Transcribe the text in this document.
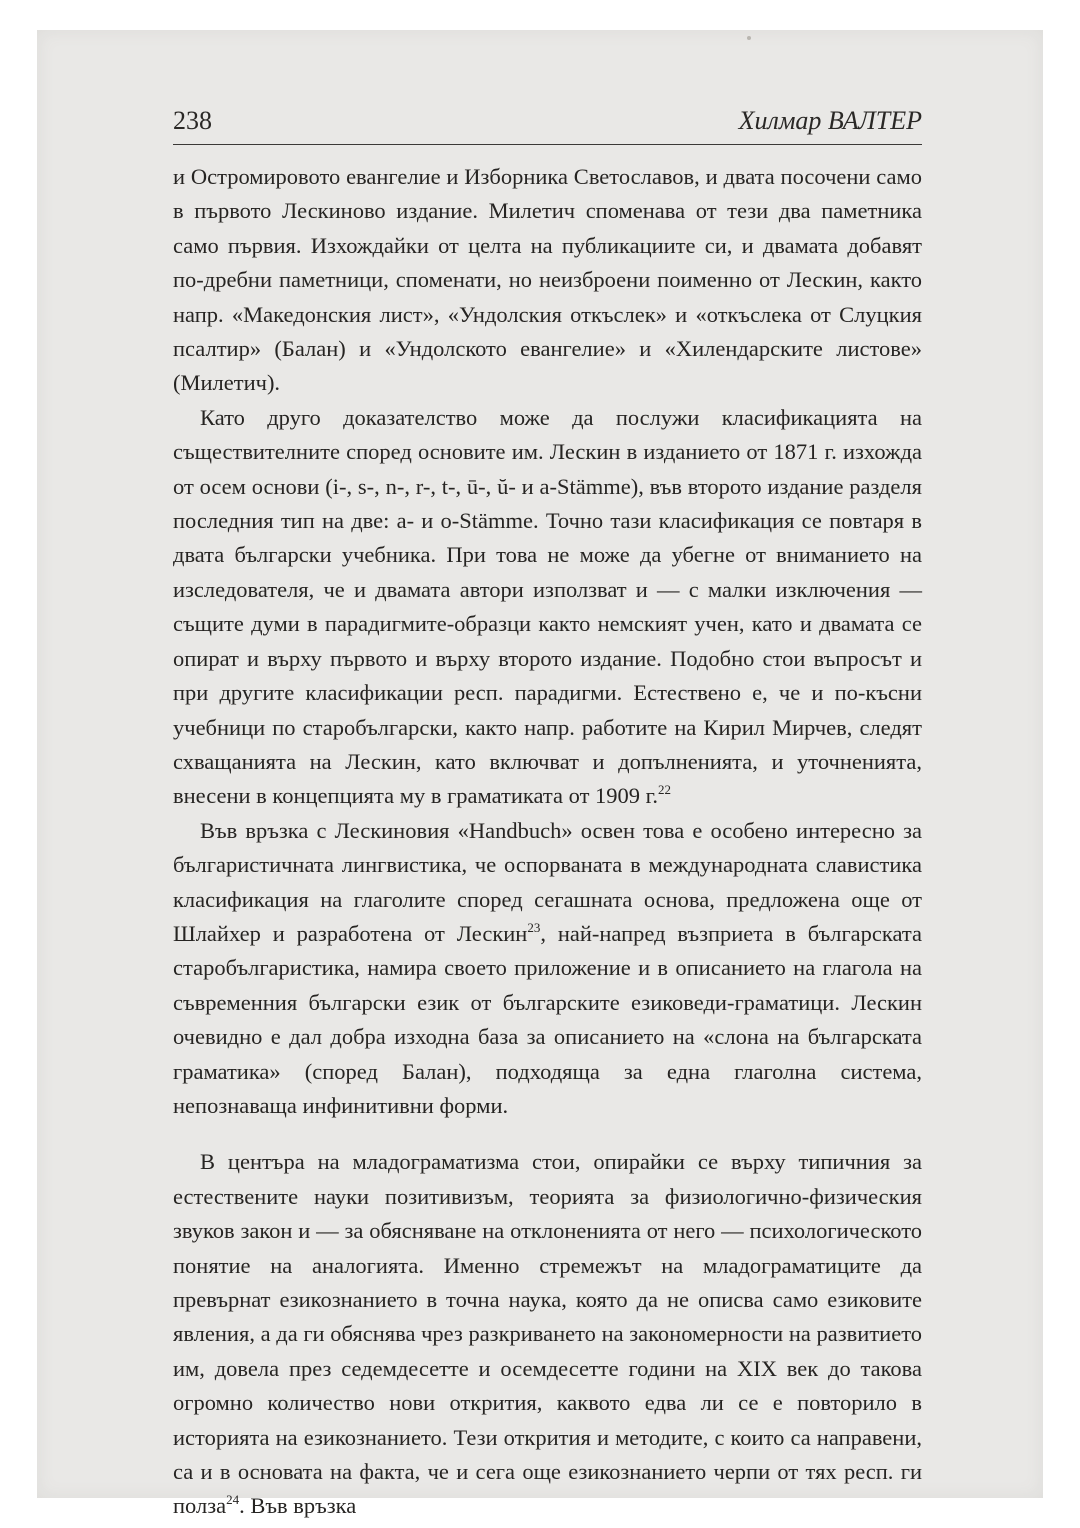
238	Хилмар ВАЛТЕР

и Остромировото евангелие и Изборника Светославов, и двата посочени само в първото Лескиново издание. Милетич споменава от тези два паметника само първия. Изхождайки от целта на публикациите си, и двамата добавят по-дребни паметници, споменати, но неизброени поименно от Лескин, както напр. «Македонския лист», «Ундолския откъслек» и «откъслека от Слуцкия псалтир» (Балан) и «Ундолското евангелие» и «Хилендарските листове» (Милетич).

Като друго доказателство може да послужи класификацията на съществителните според основите им. Лескин в изданието от 1871 г. изхожда от осем основи (i-, s-, n-, r-, t-, ū-, ŭ- и a-Stämme), във второто издание разделя последния тип на две: a- и o-Stämme. Точно тази класификация се повтаря в двата български учебника. При това не може да убегне от вниманието на изследователя, че и двамата автори използват и — с малки изключения — същите думи в парадигмите-образци както немският учен, като и двамата се опират и върху първото и върху второто издание. Подобно стои въпросът и при другите класификации респ. парадигми. Естествено е, че и по-късни учебници по старобългарски, както напр. работите на Кирил Мирчев, следят схващанията на Лескин, като включват и допълненията, и уточненията, внесени в концепцията му в граматиката от 1909 г.$^{22}$

Във връзка с Лескиновия «Handbuch» освен това е особено интересно за българистичната лингвистика, че оспорваната в международната славистика класификация на глаголите според сегашната основа, предложена още от Шлайхер и разработена от Лескин$^{23}$, най-напред възприета в българската старобългаристика, намира своето приложение и в описанието на глагола на съвременния български език от българските езиковеди-граматици. Лескин очевидно е дал добра изходна база за описанието на «слона на българската граматика» (според Балан), подходяща за една глаголна система, непознаваща инфинитивни форми.

В центъра на младограматизма стои, опирайки се върху типичния за естествените науки позитивизъм, теорията за физиологично-физическия звуков закон и — за обясняване на отклоненията от него — психологическото понятие на аналогията. Именно стремежът на младограматиците да превърнат езикознанието в точна наука, която да не описва само езиковите явления, а да ги обяснява чрез разкриването на закономерности на развитието им, довела през седемдесетте и осемдесетте години на XIX век до такова огромно количество нови открития, каквото едва ли се е повторило в историята на езикознанието. Тези открития и методите, с които са направени, са и в основата на факта, че и сега още езикознанието черпи от тях респ. ги полза$^{24}$. Във връзка
